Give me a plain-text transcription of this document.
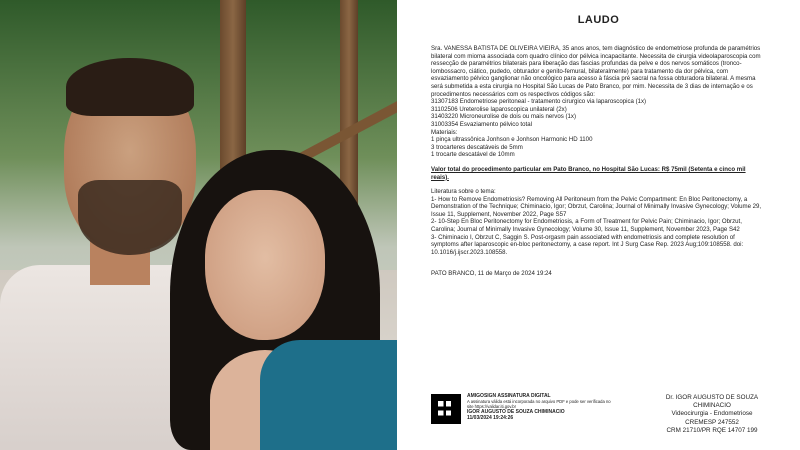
LAUDO

Sra. VANESSA BATISTA DE OLIVEIRA VIEIRA, 35 anos anos, tem diagnóstico de endometriose profunda de paramétrios bilateral com mioma associada com quadro clínico dor pélvica incapacitante. Necessita de cirurgia videolaparoscopia com ressecção de paramétrios bilaterais para liberação das fascias profundas da pelve e dos nervos somáticos (tronco-lombossacro, ciático, pudedo, obturador e genito-femural, bilateralmente) para tratamento da dor pélvica, com esvaziamento pélvico ganglionar não oncológico para acesso à fáscia pré sacral na fossa obturadora bilateral. A mesma será submetida a esta cirurgia no Hospital São Lucas de Pato Branco, por mim. Necessita de 3 dias de internação e os procedimentos necessários com os respectivos códigos são:

31307183 Endometriose peritoneal - tratamento cirurgico via laparoscopica (1x)
31102506 Ureterolise laparoscopica unilateral (2x)
31403220 Microneurolise de dois ou mais nervos (1x)
31003354 Esvaziamento pélvico total

Materiais:

1 pinça ultrassônica Jonhson e Jonhson Harmonic HD 1100
3 trocarteres descatáveis de 5mm
1 trocarte descatável de 10mm

Valor total do procedimento particular em Pato Branco, no Hospital São Lucas: R$ 75mil (Setenta e cinco mil reais).

Literatura sobre o tema:

1- How to Remove Endometriosis? Removing All Peritoneum from the Pelvic Compartment: En Bloc Peritonectomy, a Demonstration of the Technique; Chiminacio, Igor; Obrzut, Carolina; Journal of Minimally Invasive Gynecology; Volume 29, Issue 11, Supplement, November 2022, Page S57
2- 10-Step En Bloc Peritonectomy for Endometriosis, a Form of Treatment for Pelvic Pain; Chiminacio, Igor; Obrzut, Carolina; Journal of Minimally Invasive Gynecology; Volume 30, Issue 11, Supplement, November 2023, Page S42
3- Chiminacio I, Obrzut C, Saggin S. Post-orgasm pain associated with endometriosis and complete resolution of symptoms after laparoscopic en-bloc peritonectomy, a case report. Int J Surg Case Rep. 2023 Aug;109:108558. doi: 10.1016/j.ijscr.2023.108558.

PATO BRANCO, 11 de Março de 2024 19:24

AMIGOSIGN ASSINATURA DIGITAL
A assinatura válida está incorporada no arquivo PDF e pode ser verificada no site https://validar.iti.gov.br
IGOR AUGUSTO DE SOUZA CHIMINACIO
11/03/2024 19:24:26
Dr. IGOR AUGUSTO DE SOUZA CHIMINACIO
Videocirurgia - Endometriose
CREMESP 247552
CRM 21710/PR RQE 14707 199
